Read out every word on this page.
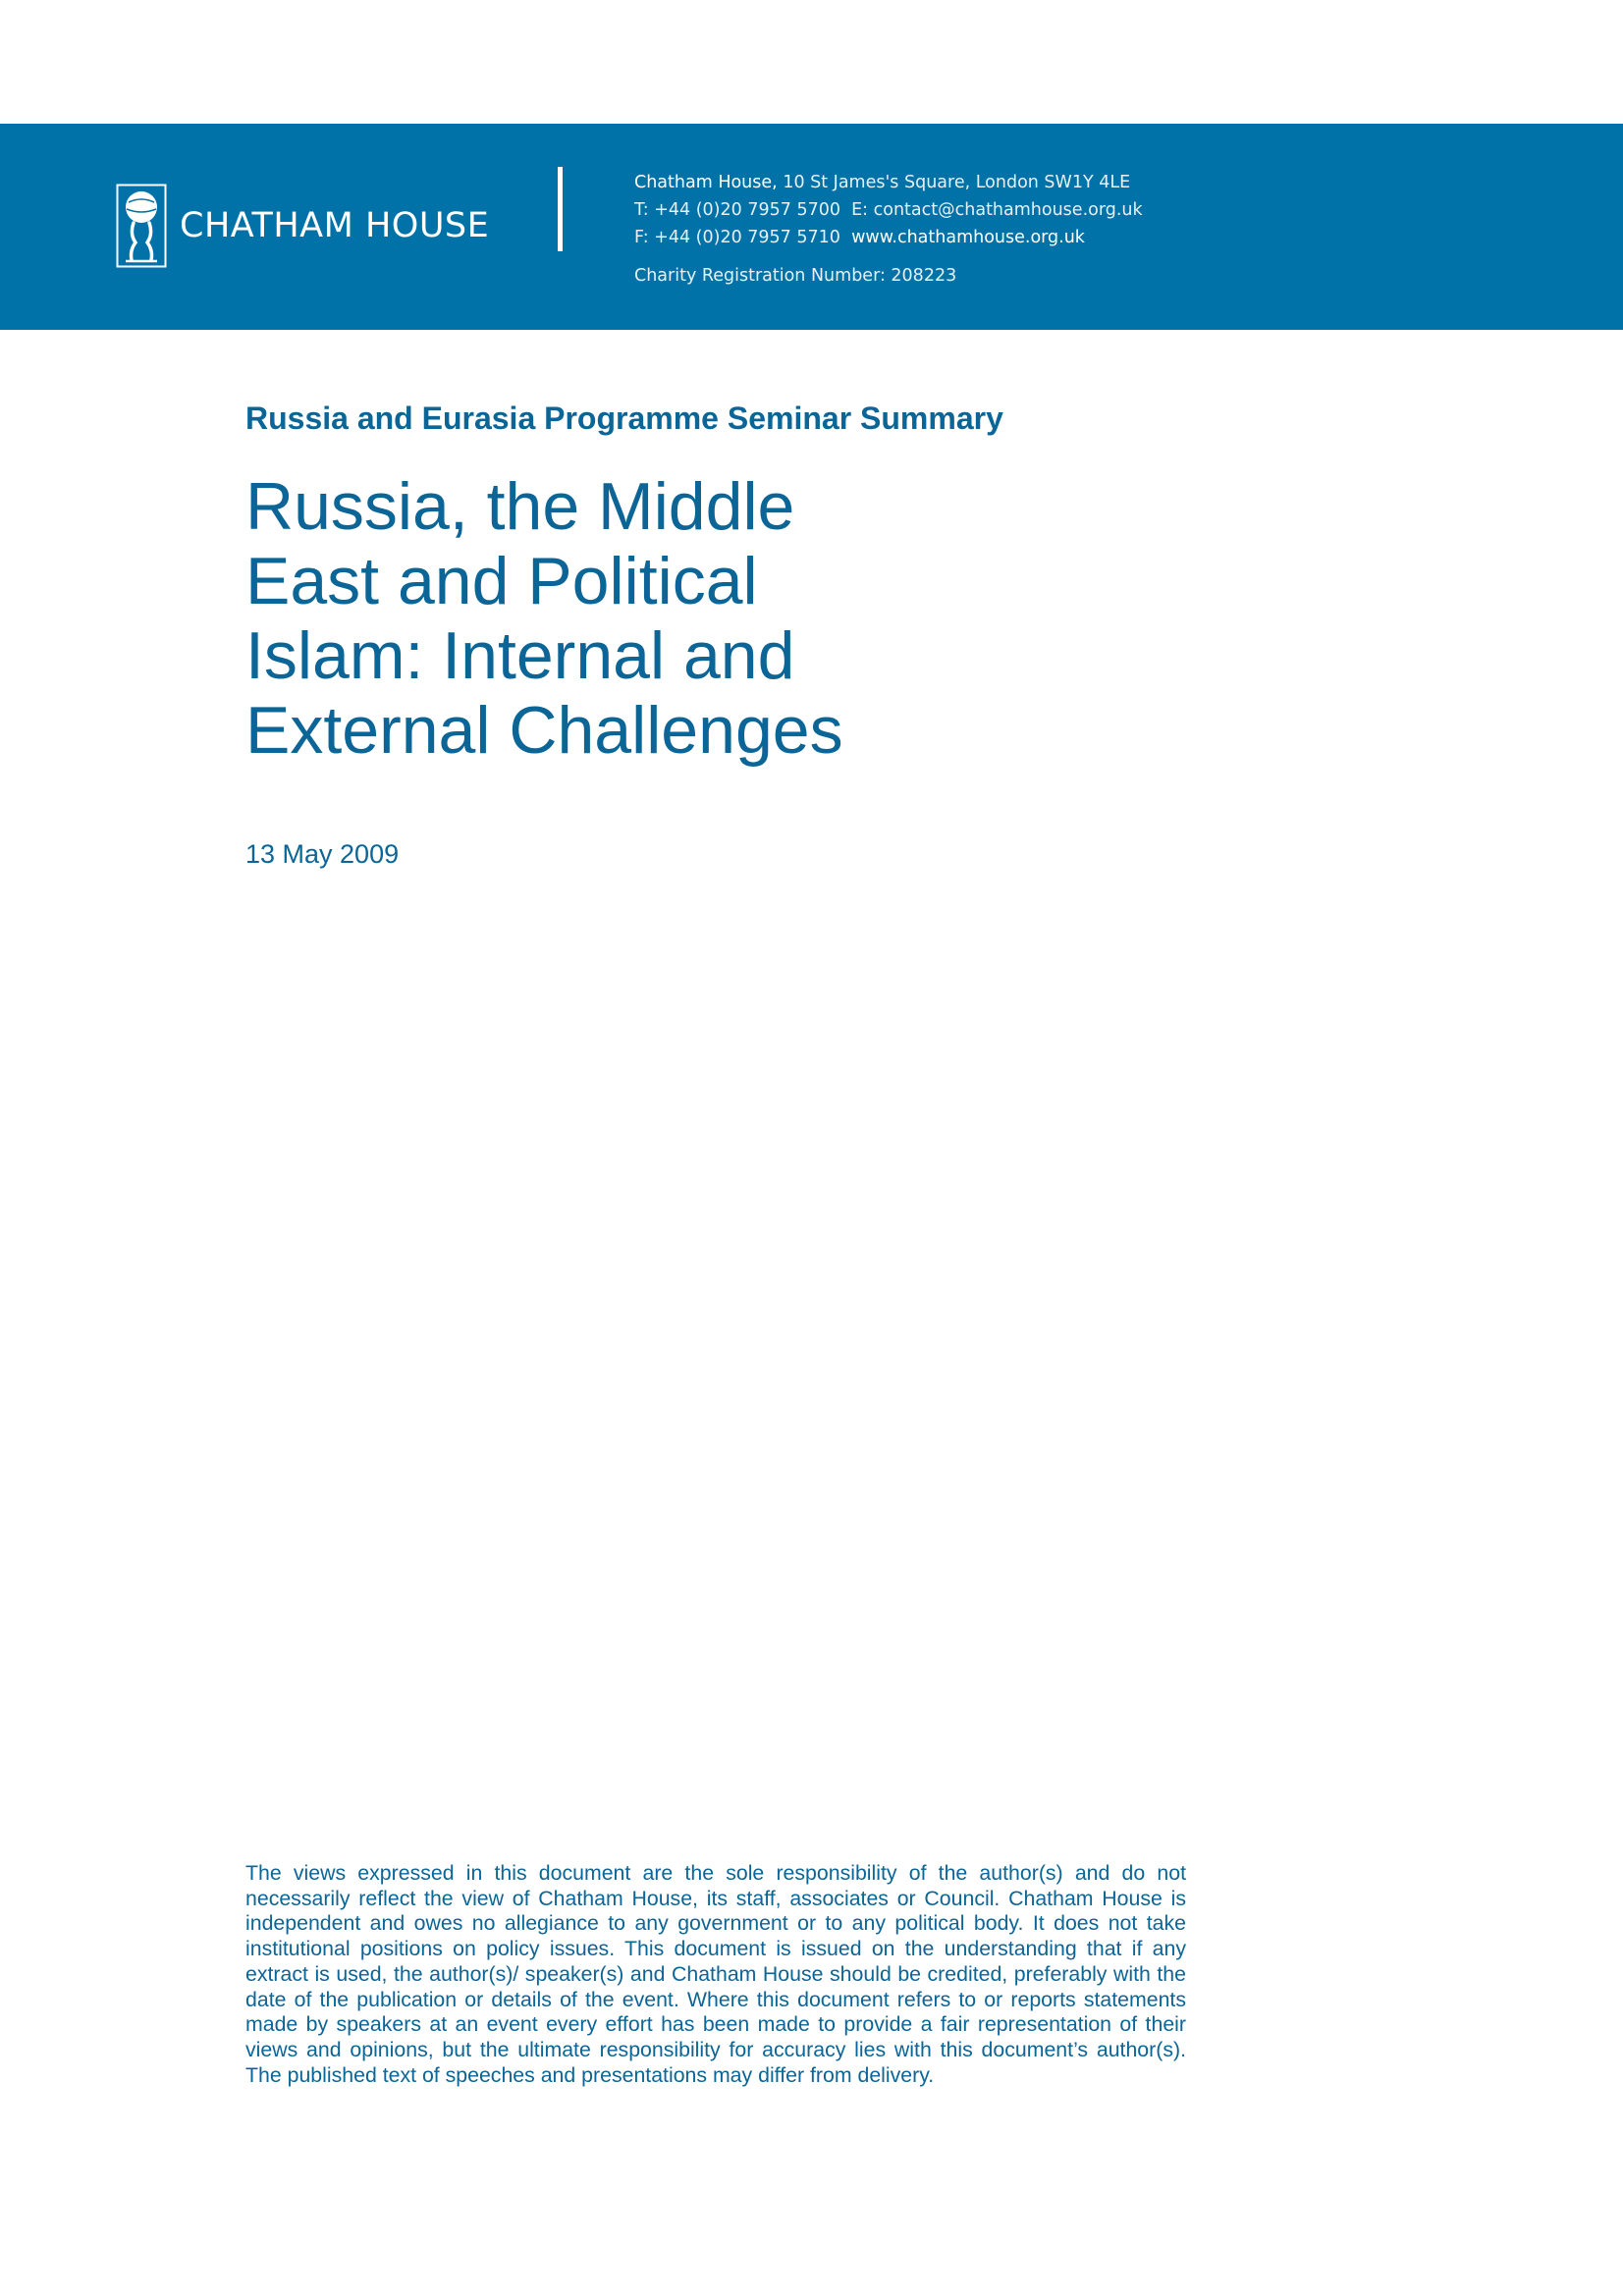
CHATHAM HOUSE
Chatham House, 10 St James's Square, London SW1Y 4LE
T: +44 (0)20 7957 5700 E: contact@chathamhouse.org.uk
F: +44 (0)20 7957 5710 www.chathamhouse.org.uk
Charity Registration Number: 208223
Russia and Eurasia Programme Seminar Summary
Russia, the Middle
East and Political
Islam: Internal and
External Challenges
13 May 2009

The views expressed in this document are the sole responsibility of the author(s) and do not necessarily reflect the view of Chatham House, its staff, associates or Council. Chatham House is independent and owes no allegiance to any government or to any political body. It does not take institutional positions on policy issues. This document is issued on the understanding that if any extract is used, the author(s)/ speaker(s) and Chatham House should be credited, preferably with the date of the publication or details of the event. Where this document refers to or reports statements made by speakers at an event every effort has been made to provide a fair representation of their views and opinions, but the ultimate responsibility for accuracy lies with this document’s author(s). The published text of speeches and presentations may differ from delivery.
